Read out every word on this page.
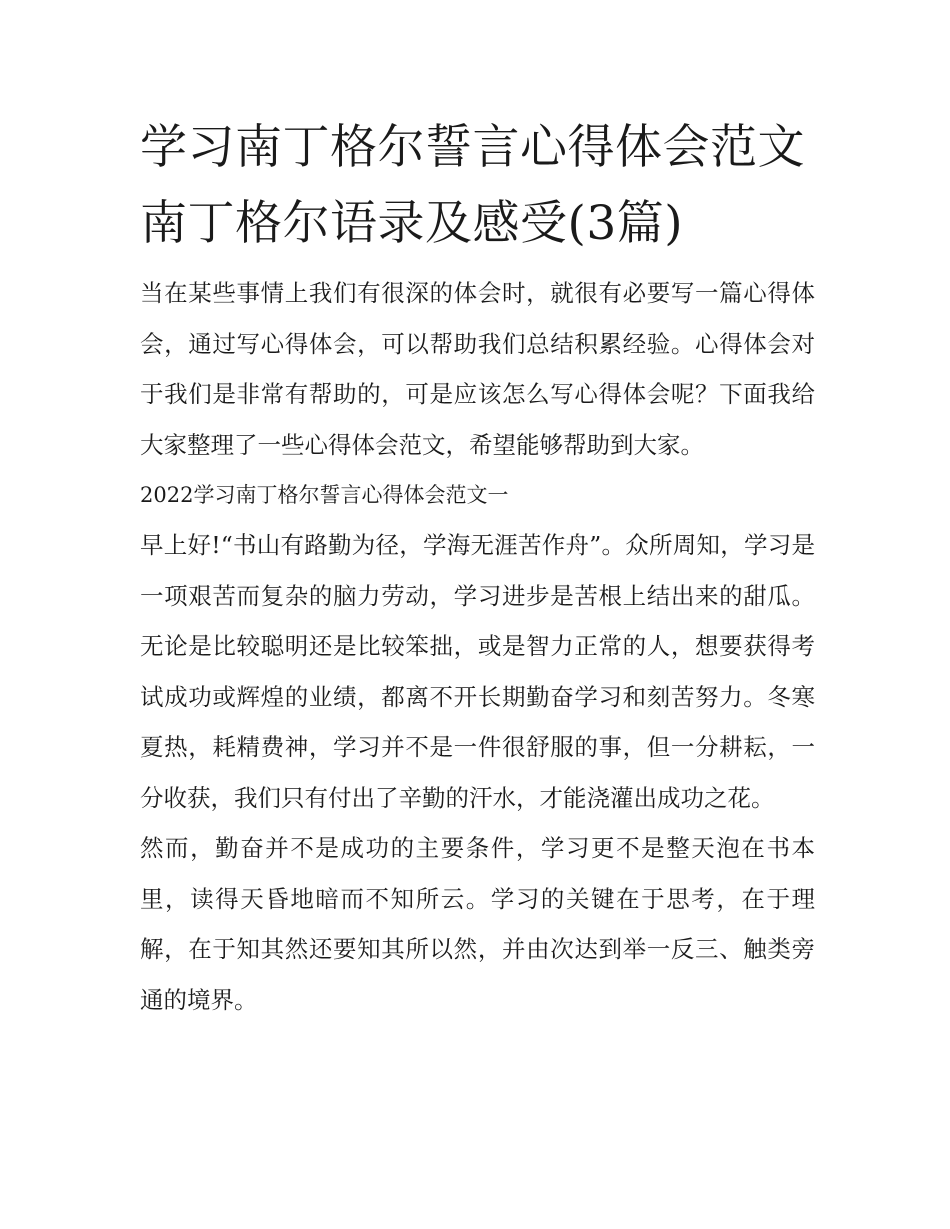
学习南丁格尔誓言心得体会范文 南丁格尔语录及感受(3篇)

当在某些事情上我们有很深的体会时，就很有必要写一篇心得体会，通过写心得体会，可以帮助我们总结积累经验。心得体会对于我们是非常有帮助的，可是应该怎么写心得体会呢？下面我给大家整理了一些心得体会范文，希望能够帮助到大家。

2022学习南丁格尔誓言心得体会范文一

早上好!“书山有路勤为径，学海无涯苦作舟”。众所周知，学习是一项艰苦而复杂的脑力劳动，学习进步是苦根上结出来的甜瓜。无论是比较聪明还是比较笨拙，或是智力正常的人，想要获得考试成功或辉煌的业绩，都离不开长期勤奋学习和刻苦努力。冬寒夏热，耗精费神，学习并不是一件很舒服的事，但一分耕耘，一分收获，我们只有付出了辛勤的汗水，才能浇灌出成功之花。

然而，勤奋并不是成功的主要条件，学习更不是整天泡在书本里，读得天昏地暗而不知所云。学习的关键在于思考，在于理解，在于知其然还要知其所以然，并由次达到举一反三、触类旁通的境界。
